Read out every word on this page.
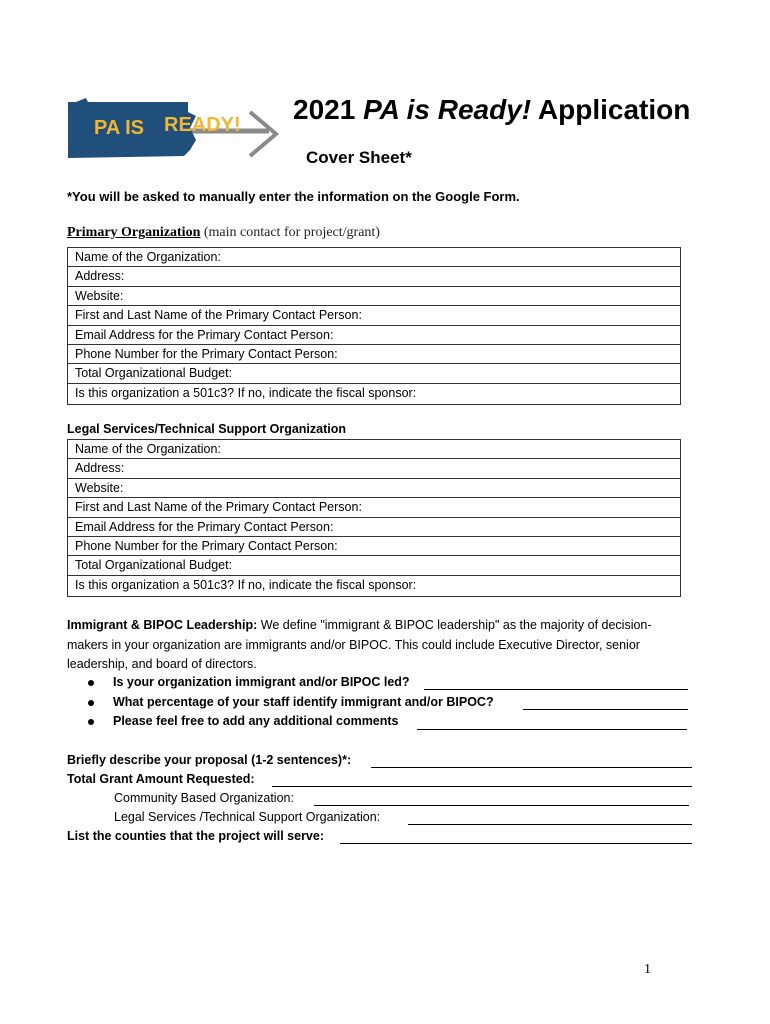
PA IS READY! 2021 PA is Ready! Application
Cover Sheet*
*You will be asked to manually enter the information on the Google Form.
Primary Organization (main contact for project/grant)
Name of the Organization:
Address:
Website:
First and Last Name of the Primary Contact Person:
Email Address for the Primary Contact Person:
Phone Number for the Primary Contact Person:
Total Organizational Budget:
Is this organization a 501c3? If no, indicate the fiscal sponsor:
Legal Services/Technical Support Organization
Name of the Organization:
Address:
Website:
First and Last Name of the Primary Contact Person:
Email Address for the Primary Contact Person:
Phone Number for the Primary Contact Person:
Total Organizational Budget:
Is this organization a 501c3? If no, indicate the fiscal sponsor:
Immigrant & BIPOC Leadership: We define "immigrant & BIPOC leadership" as the majority of decision-makers in your organization are immigrants and/or BIPOC. This could include Executive Director, senior leadership, and board of directors.
Is your organization immigrant and/or BIPOC led?
What percentage of your staff identify immigrant and/or BIPOC?
Please feel free to add any additional comments
Briefly describe your proposal (1-2 sentences)*:
Total Grant Amount Requested:
Community Based Organization:
Legal Services /Technical Support Organization:
List the counties that the project will serve:
1
